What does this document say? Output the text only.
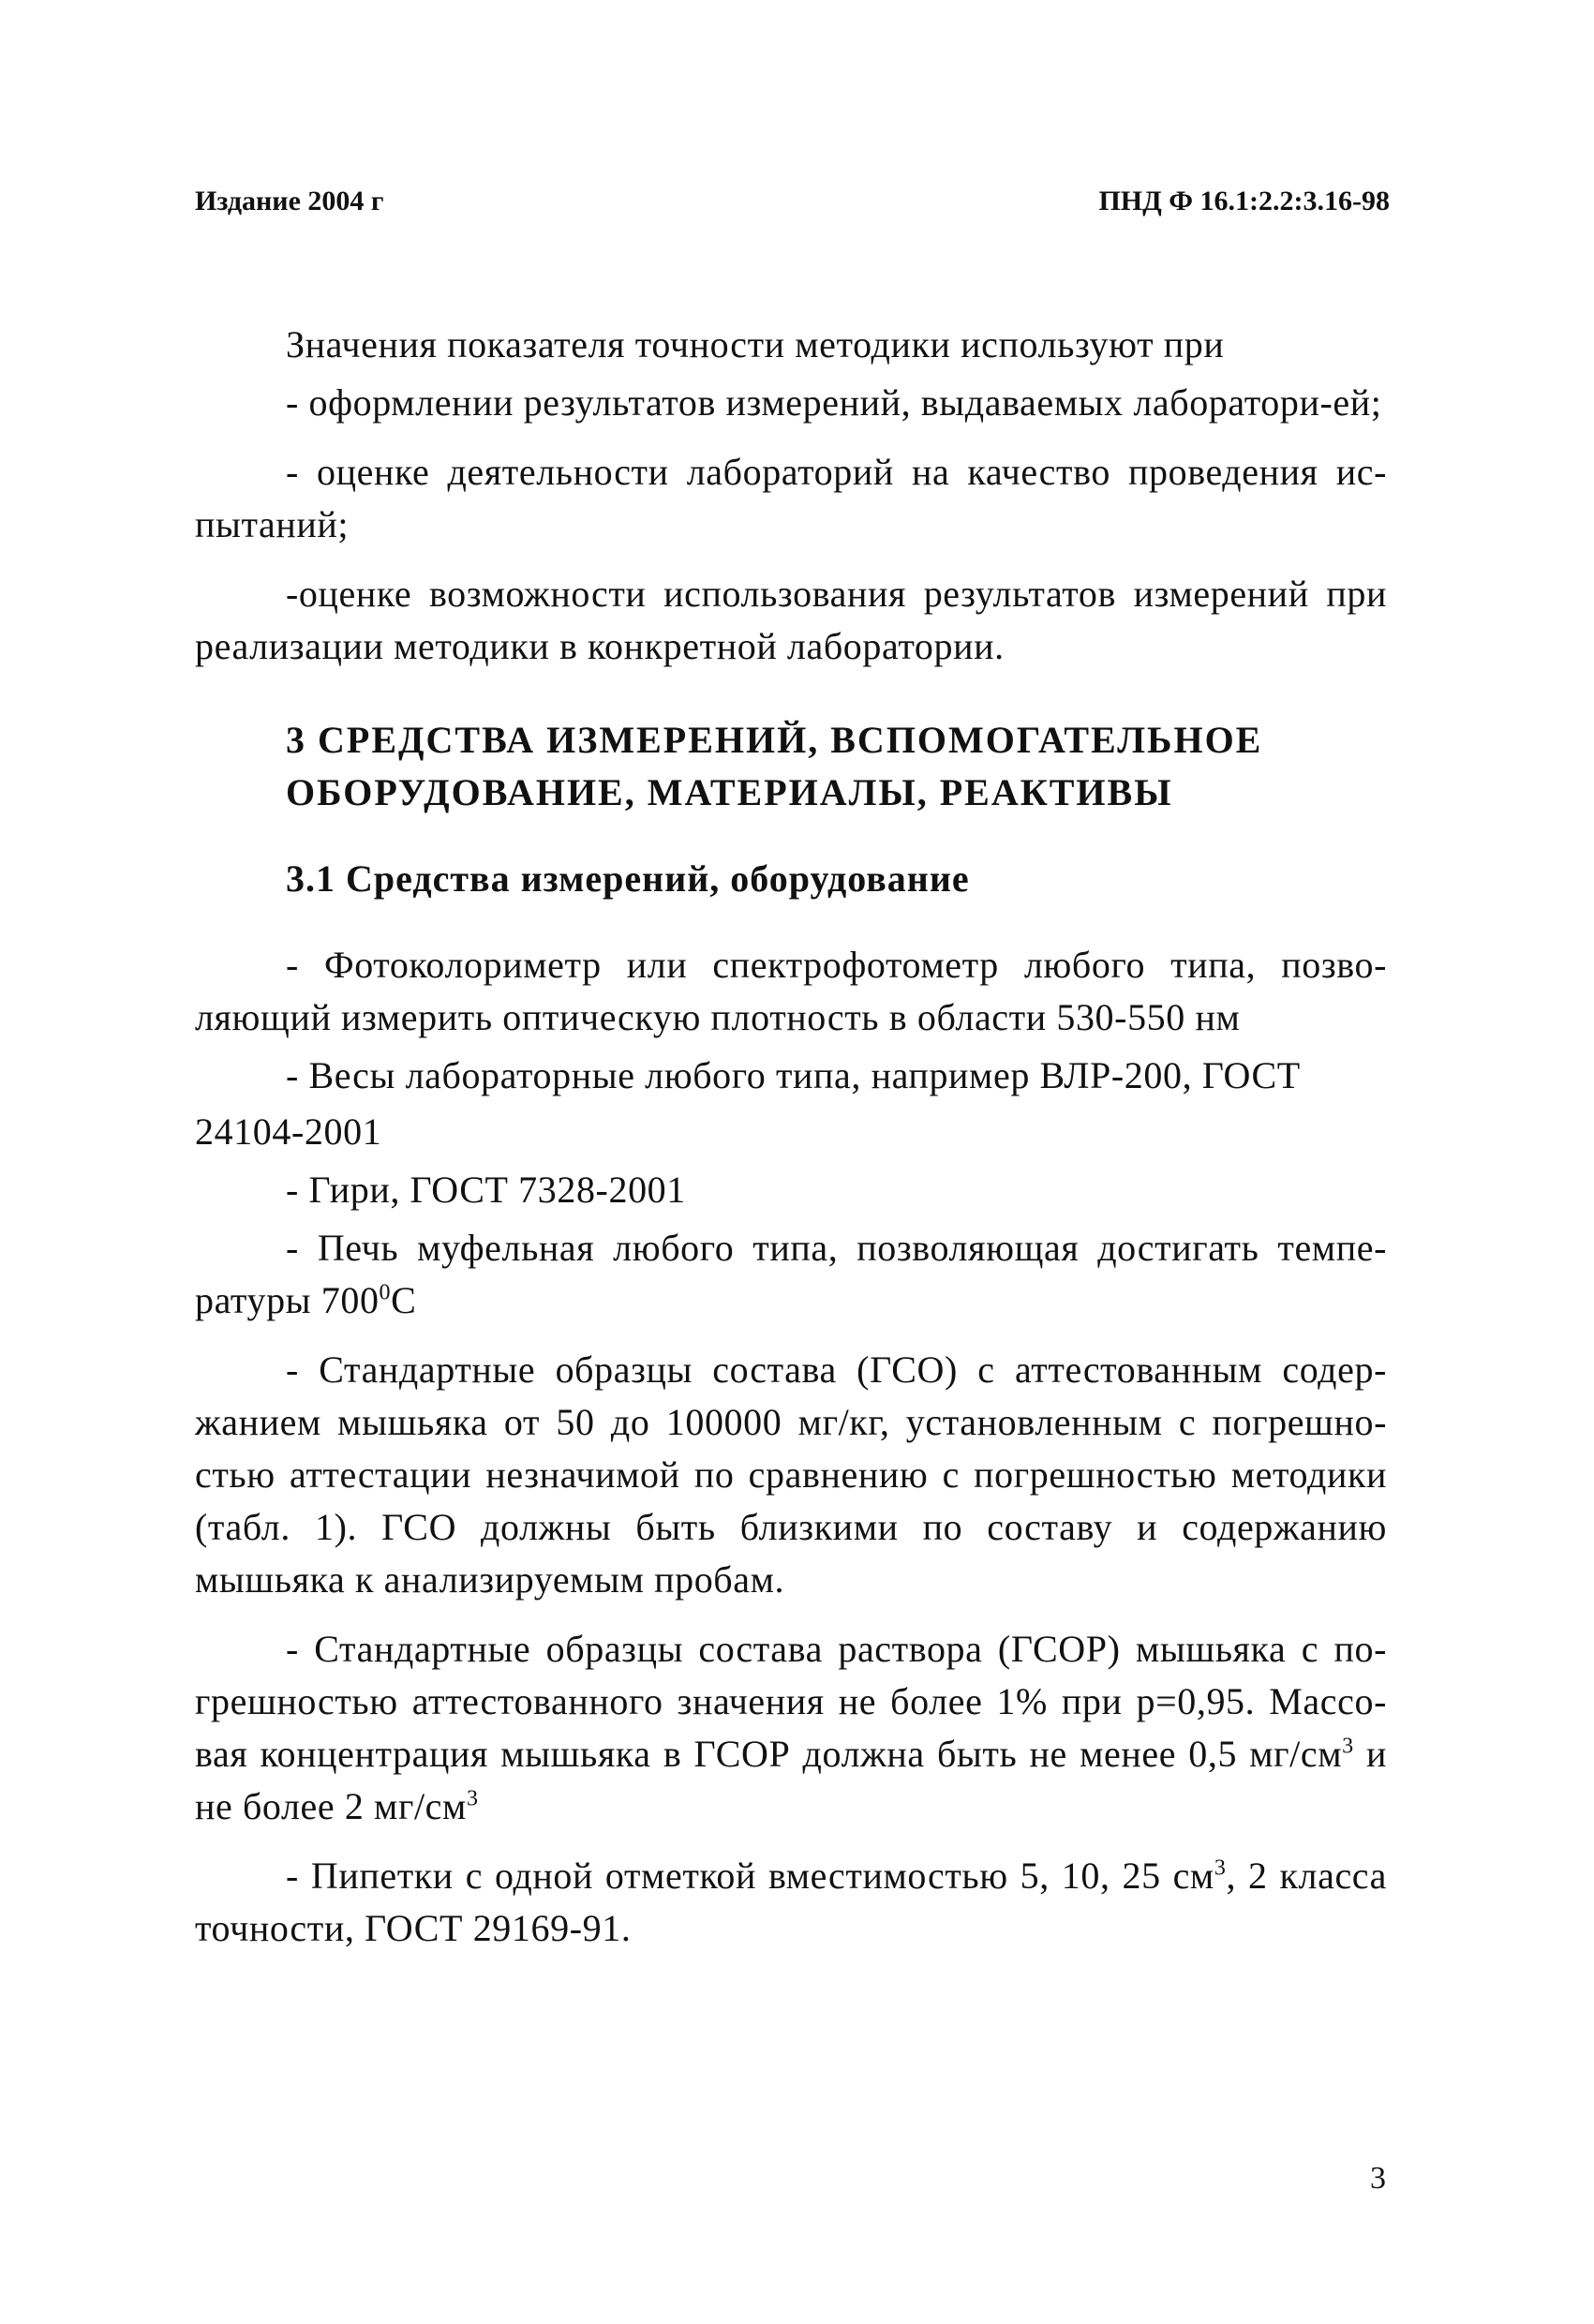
Издание 2004 г	ПНД Ф 16.1:2.2:3.16-98

Значения показателя точности методики используют при

- оформлении результатов измерений, выдаваемых лаборатори-ей;

- оценке деятельности лабораторий на качество проведения ис-пытаний;

-оценке возможности использования результатов измерений при реализации методики в конкретной лаборатории.

3 СРЕДСТВА ИЗМЕРЕНИЙ, ВСПОМОГАТЕЛЬНОЕ
ОБОРУДОВАНИЕ, МАТЕРИАЛЫ, РЕАКТИВЫ
3.1 Средства измерений, оборудование

- Фотоколориметр или спектрофотометр любого типа, позво-ляющий измерить оптическую плотность в области 530-550 нм

- Весы лабораторные любого типа, например ВЛР-200, ГОСТ

24104-2001

- Гири, ГОСТ 7328-2001

- Печь муфельная любого типа, позволяющая достигать темпе-ратуры $700^0С$

- Стандартные образцы состава (ГСО) с аттестованным содер-жанием мышьяка от 50 до 100000 мг/кг, установленным с погрешно-стью аттестации незначимой по сравнению с погрешностью методики (табл. 1). ГСО должны быть близкими по составу и содержанию мышьяка к анализируемым пробам.

- Стандартные образцы состава раствора (ГСОР) мышьяка с по-грешностью аттестованного значения не более 1% при р=0,95. Массо-вая концентрация мышьяка в ГСОР должна быть не менее 0,5 $мг/см^3$ и не более 2 $мг/см^3$

- Пипетки с одной отметкой вместимостью 5, 10, 25 $см^3$, 2 класса точности, ГОСТ 29169-91.

3
